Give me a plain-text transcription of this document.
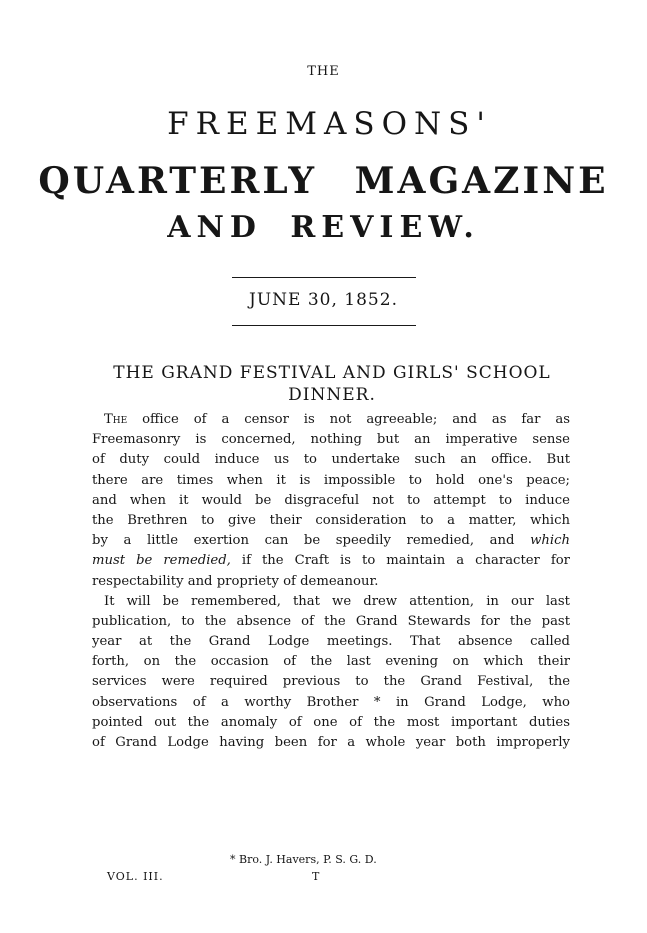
THE
FREEMASONS'
QUARTERLY MAGAZINE
AND REVIEW.
JUNE 30, 1852.
THE GRAND FESTIVAL AND GIRLS' SCHOOL
DINNER.
The office of a censor is not agreeable; and as far as
Freemasonry is concerned, nothing but an imperative sense
of duty could induce us to undertake such an office. But
there are times when it is impossible to hold one's peace;
and when it would be disgraceful not to attempt to induce
the Brethren to give their consideration to a matter, which
by a little exertion can be speedily remedied, and which
must be remedied, if the Craft is to maintain a character for
respectability and propriety of demeanour.
It will be remembered, that we drew attention, in our last
publication, to the absence of the Grand Stewards for the past
year at the Grand Lodge meetings. That absence called
forth, on the occasion of the last evening on which their
services were required previous to the Grand Festival, the
observations of a worthy Brother * in Grand Lodge, who
pointed out the anomaly of one of the most important duties
of Grand Lodge having been for a whole year both improperly
* Bro. J. Havers, P. S. G. D.
VOL. III.	T
